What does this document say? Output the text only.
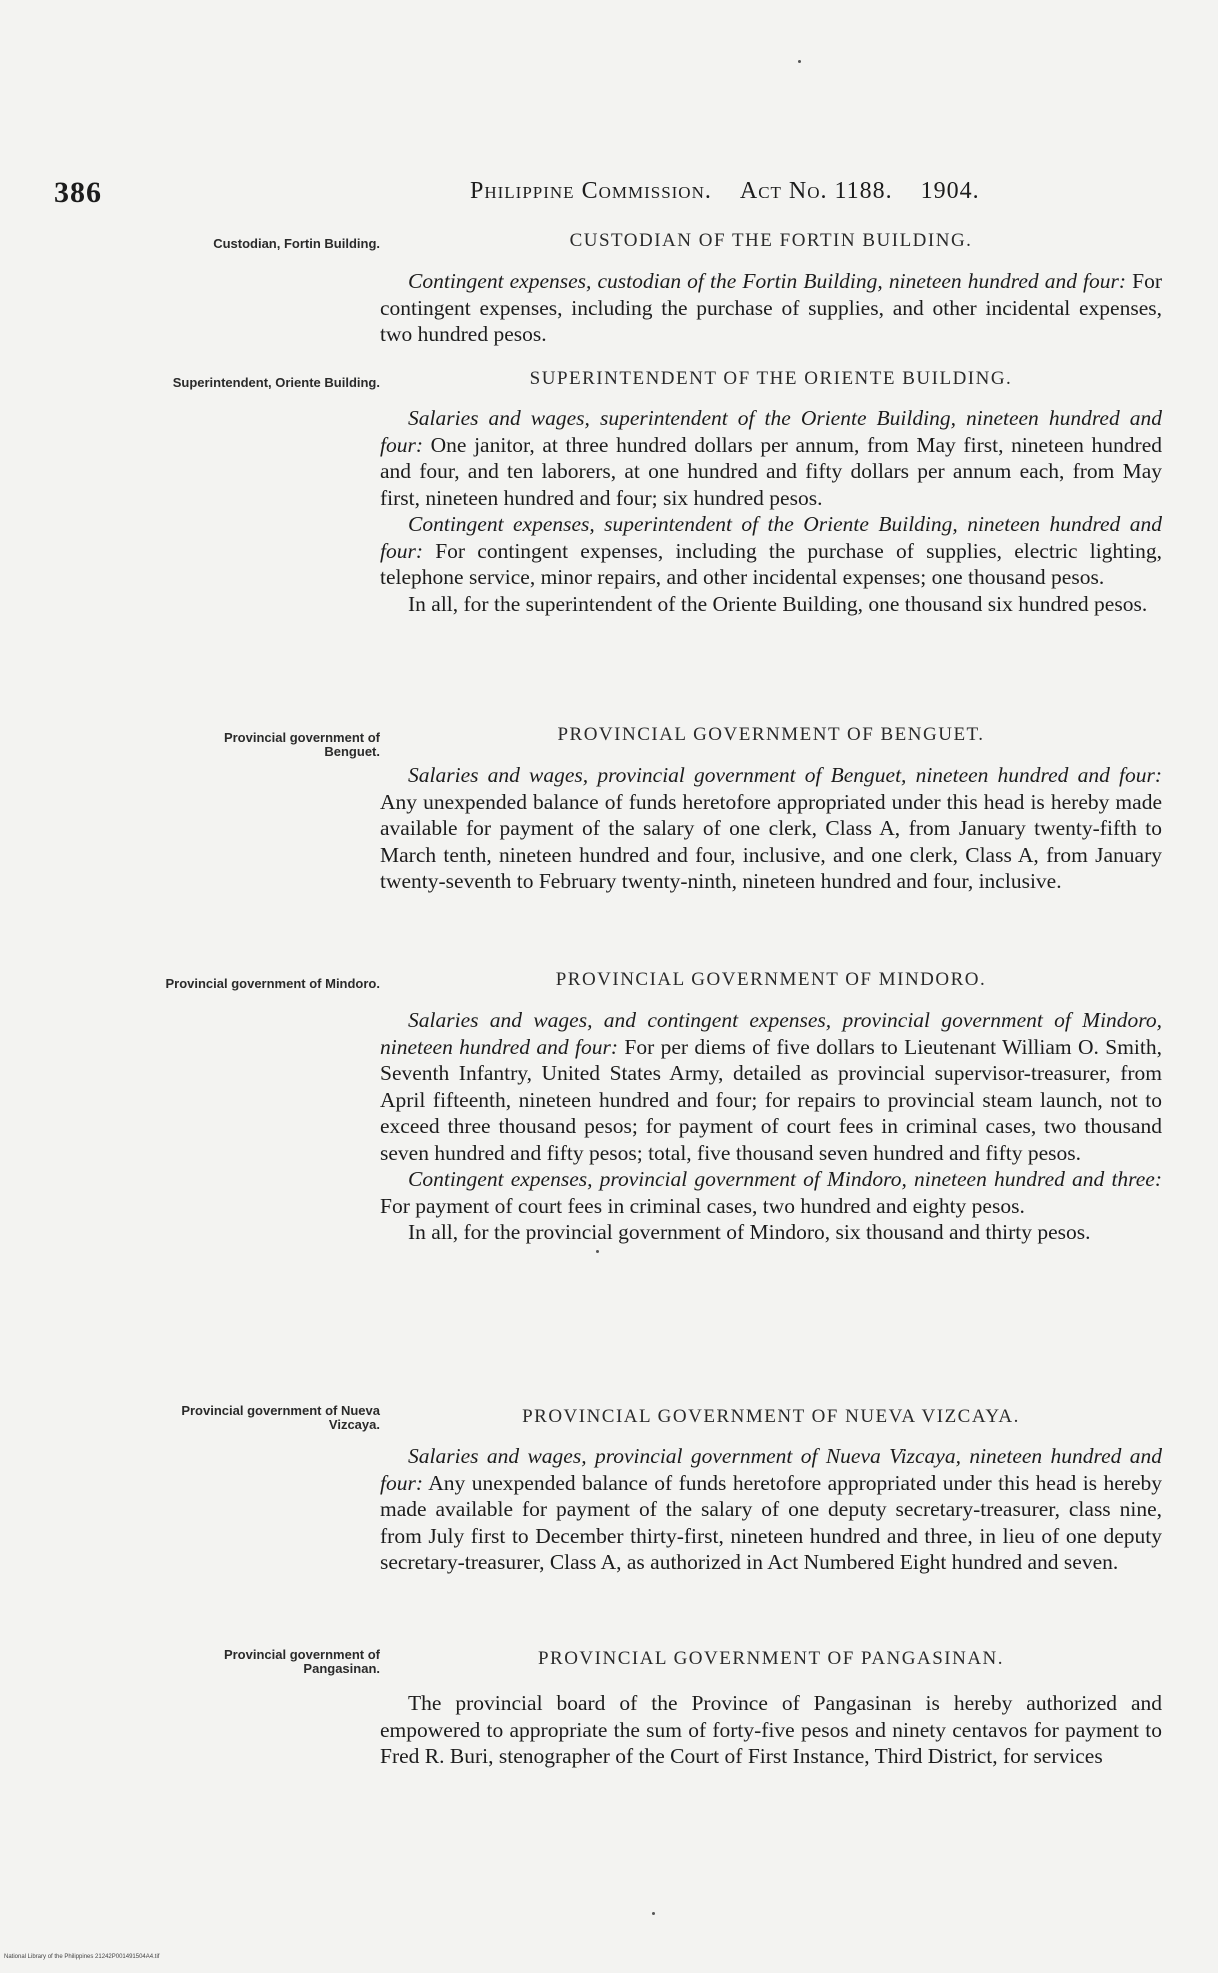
386	Philippine Commission. Act No. 1188. 1904.
Custodian, Fortin Building.	CUSTODIAN OF THE FORTIN BUILDING.

Contingent expenses, custodian of the Fortin Building, nineteen hundred and four: For contingent expenses, including the purchase of supplies, and other incidental expenses, two hundred pesos.

Superintendent, Oriente Building.	SUPERINTENDENT OF THE ORIENTE BUILDING.

Salaries and wages, superintendent of the Oriente Building, nineteen hundred and four: One janitor, at three hundred dollars per annum, from May first, nineteen hundred and four, and ten laborers, at one hundred and fifty dollars per annum each, from May first, nineteen hundred and four; six hundred pesos.

Contingent expenses, superintendent of the Oriente Building, nineteen hundred and four: For contingent expenses, including the purchase of supplies, electric lighting, telephone service, minor repairs, and other incidental expenses; one thousand pesos.

In all, for the superintendent of the Oriente Building, one thousand six hundred pesos.

Provincial government of Benguet.
PROVINCIAL GOVERNMENT OF BENGUET.

Salaries and wages, provincial government of Benguet, nineteen hundred and four: Any unexpended balance of funds heretofore appropriated under this head is hereby made available for payment of the salary of one clerk, Class A, from January twenty-fifth to March tenth, nineteen hundred and four, inclusive, and one clerk, Class A, from January twenty-seventh to February twenty-ninth, nineteen hundred and four, inclusive.

Provincial government of Mindoro.	PROVINCIAL GOVERNMENT OF MINDORO.

Salaries and wages, and contingent expenses, provincial government of Mindoro, nineteen hundred and four: For per diems of five dollars to Lieutenant William O. Smith, Seventh Infantry, United States Army, detailed as provincial supervisor-treasurer, from April fifteenth, nineteen hundred and four; for repairs to provincial steam launch, not to exceed three thousand pesos; for payment of court fees in criminal cases, two thousand seven hundred and fifty pesos; total, five thousand seven hundred and fifty pesos.

Contingent expenses, provincial government of Mindoro, nineteen hundred and three: For payment of court fees in criminal cases, two hundred and eighty pesos.

In all, for the provincial government of Mindoro, six thousand and thirty pesos.

Provincial government of Nueva Vizcaya.	PROVINCIAL GOVERNMENT OF NUEVA VIZCAYA.

Salaries and wages, provincial government of Nueva Vizcaya, nineteen hundred and four: Any unexpended balance of funds heretofore appropriated under this head is hereby made available for payment of the salary of one deputy secretary-treasurer, class nine, from July first to December thirty-first, nineteen hundred and three, in lieu of one deputy secretary-treasurer, Class A, as authorized in Act Numbered Eight hundred and seven.

Provincial government of Pangasinan.	PROVINCIAL GOVERNMENT OF PANGASINAN.

The provincial board of the Province of Pangasinan is hereby authorized and empowered to appropriate the sum of forty-five pesos and ninety centavos for payment to Fred R. Buri, stenographer of the Court of First Instance, Third District, for services

National Library of the Philippines 21242P001491504A4.tif
